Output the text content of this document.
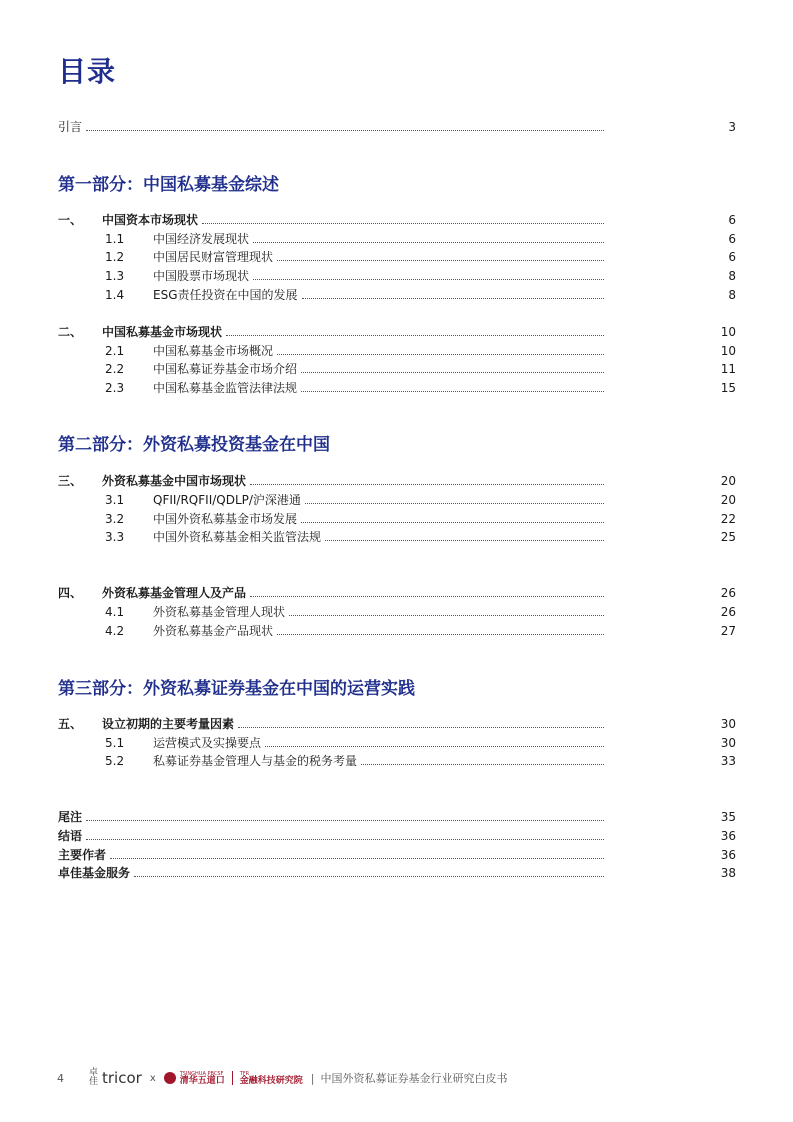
目录
引言	3
第一部分：中国私募基金综述
一、	中国资本市场现状	6
1.1	中国经济发展现状	6
1.2	中国居民财富管理现状	6
1.3	中国股票市场现状	8
1.4	ESG责任投资在中国的发展	8
二、	中国私募基金市场现状	10
2.1	中国私募基金市场概况	10
2.2	中国私募证券基金市场介绍	11
2.3	中国私募基金监管法律法规	15
第二部分：外资私募投资基金在中国
三、	外资私募基金中国市场现状	20
3.1	QFII/RQFII/QDLP/沪深港通	20
3.2	中国外资私募基金市场发展	22
3.3	中国外资私募基金相关监管法规	25
四、	外资私募基金管理人及产品	26
4.1	外资私募基金管理人现状	26
4.2	外资私募基金产品现状	27
第三部分：外资私募证券基金在中国的运营实践
五、	设立初期的主要考量因素	30
5.1	运营模式及实操要点	30
5.2	私募证券基金管理人与基金的税务考量	33
尾注	35
结语	36
主要作者	36
卓佳基金服务	38
4	卓佳 tricor x	TSINGHUA PBCSF
清华五道口
TFR
金融科技研究院 | 中国外资私募证券基金行业研究白皮书
